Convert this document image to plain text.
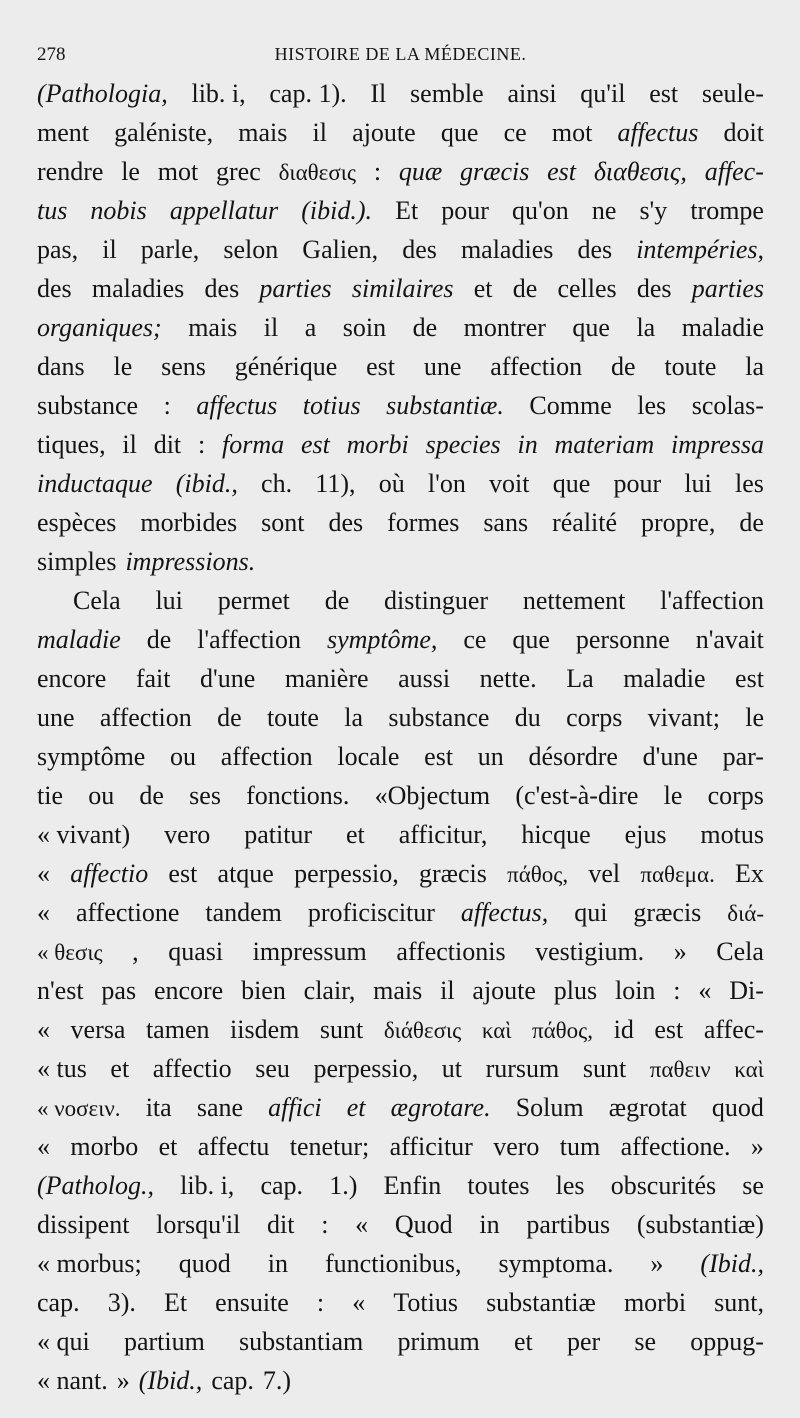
278	HISTOIRE DE LA MÉDECINE.
(Pathologia, lib. i, cap. 1). Il semble ainsi qu'il est seule-
ment galéniste, mais il ajoute que ce mot affectus doit
rendre le mot grec διαθεσις : quæ græcis est διαθεσις, affec-
tus nobis appellatur (ibid.). Et pour qu'on ne s'y trompe
pas, il parle, selon Galien, des maladies des intempéries,
des maladies des parties similaires et de celles des parties
organiques; mais il a soin de montrer que la maladie
dans le sens générique est une affection de toute la
substance : affectus totius substantiæ. Comme les scolas-
tiques, il dit : forma est morbi species in materiam impressa
inductaque (ibid., ch. 11), où l'on voit que pour lui les
espèces morbides sont des formes sans réalité propre, de
simples impressions.
Cela lui permet de distinguer nettement l'affection
maladie de l'affection symptôme, ce que personne n'avait
encore fait d'une manière aussi nette. La maladie est
une affection de toute la substance du corps vivant; le
symptôme ou affection locale est un désordre d'une par-
tie ou de ses fonctions. «Objectum (c'est-à-dire le corps
« vivant) vero patitur et afficitur, hicque ejus motus
« affectio est atque perpessio, græcis πάθος, vel παθεμα. Ex
« affectione tandem proficiscitur affectus, qui græcis διά-
« θεσις , quasi impressum affectionis vestigium. » Cela
n'est pas encore bien clair, mais il ajoute plus loin : « Di-
« versa tamen iisdem sunt διάθεσις καὶ πάθος, id est affec-
« tus et affectio seu perpessio, ut rursum sunt παθειν καὶ
« νοσειν. ita sane affici et ægrotare. Solum ægrotat quod
« morbo et affectu tenetur; afficitur vero tum affectione. »
(Patholog., lib. i, cap. 1.) Enfin toutes les obscurités se
dissipent lorsqu'il dit : « Quod in partibus (substantiæ)
« morbus; quod in functionibus, symptoma. » (Ibid.,
cap. 3). Et ensuite : « Totius substantiæ morbi sunt,
« qui partium substantiam primum et per se oppug-
« nant. » (Ibid., cap. 7.)
